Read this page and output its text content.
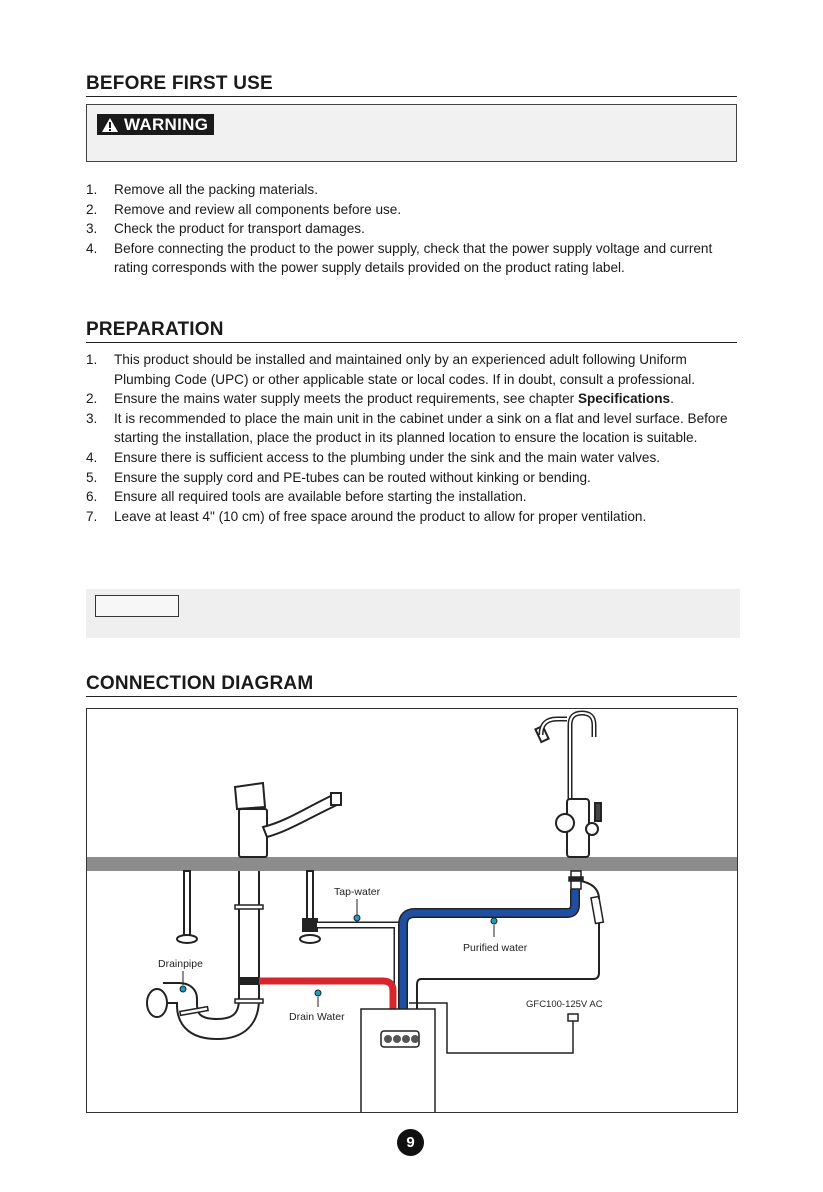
BEFORE FIRST USE
WARNING
1. Remove all the packing materials.
2. Remove and review all components before use.
3. Check the product for transport damages.
4. Before connecting the product to the power supply, check that the power supply voltage and current rating corresponds with the power supply details provided on the product rating label.
PREPARATION
1. This product should be installed and maintained only by an experienced adult following Uniform Plumbing Code (UPC) or other applicable state or local codes. If in doubt, consult a professional.
2. Ensure the mains water supply meets the product requirements, see chapter Specifications.
3. It is recommended to place the main unit in the cabinet under a sink on a flat and level surface. Before starting the installation, place the product in its planned location to ensure the location is suitable.
4. Ensure there is sufficient access to the plumbing under the sink and the main water valves.
5. Ensure the supply cord and PE-tubes can be routed without kinking or bending.
6. Ensure all required tools are available before starting the installation.
7. Leave at least 4" (10 cm) of free space around the product to allow for proper ventilation.
CONNECTION DIAGRAM
Tap-water
Purified water
Drainpipe
Drain Water
GFC100-125V AC
9
